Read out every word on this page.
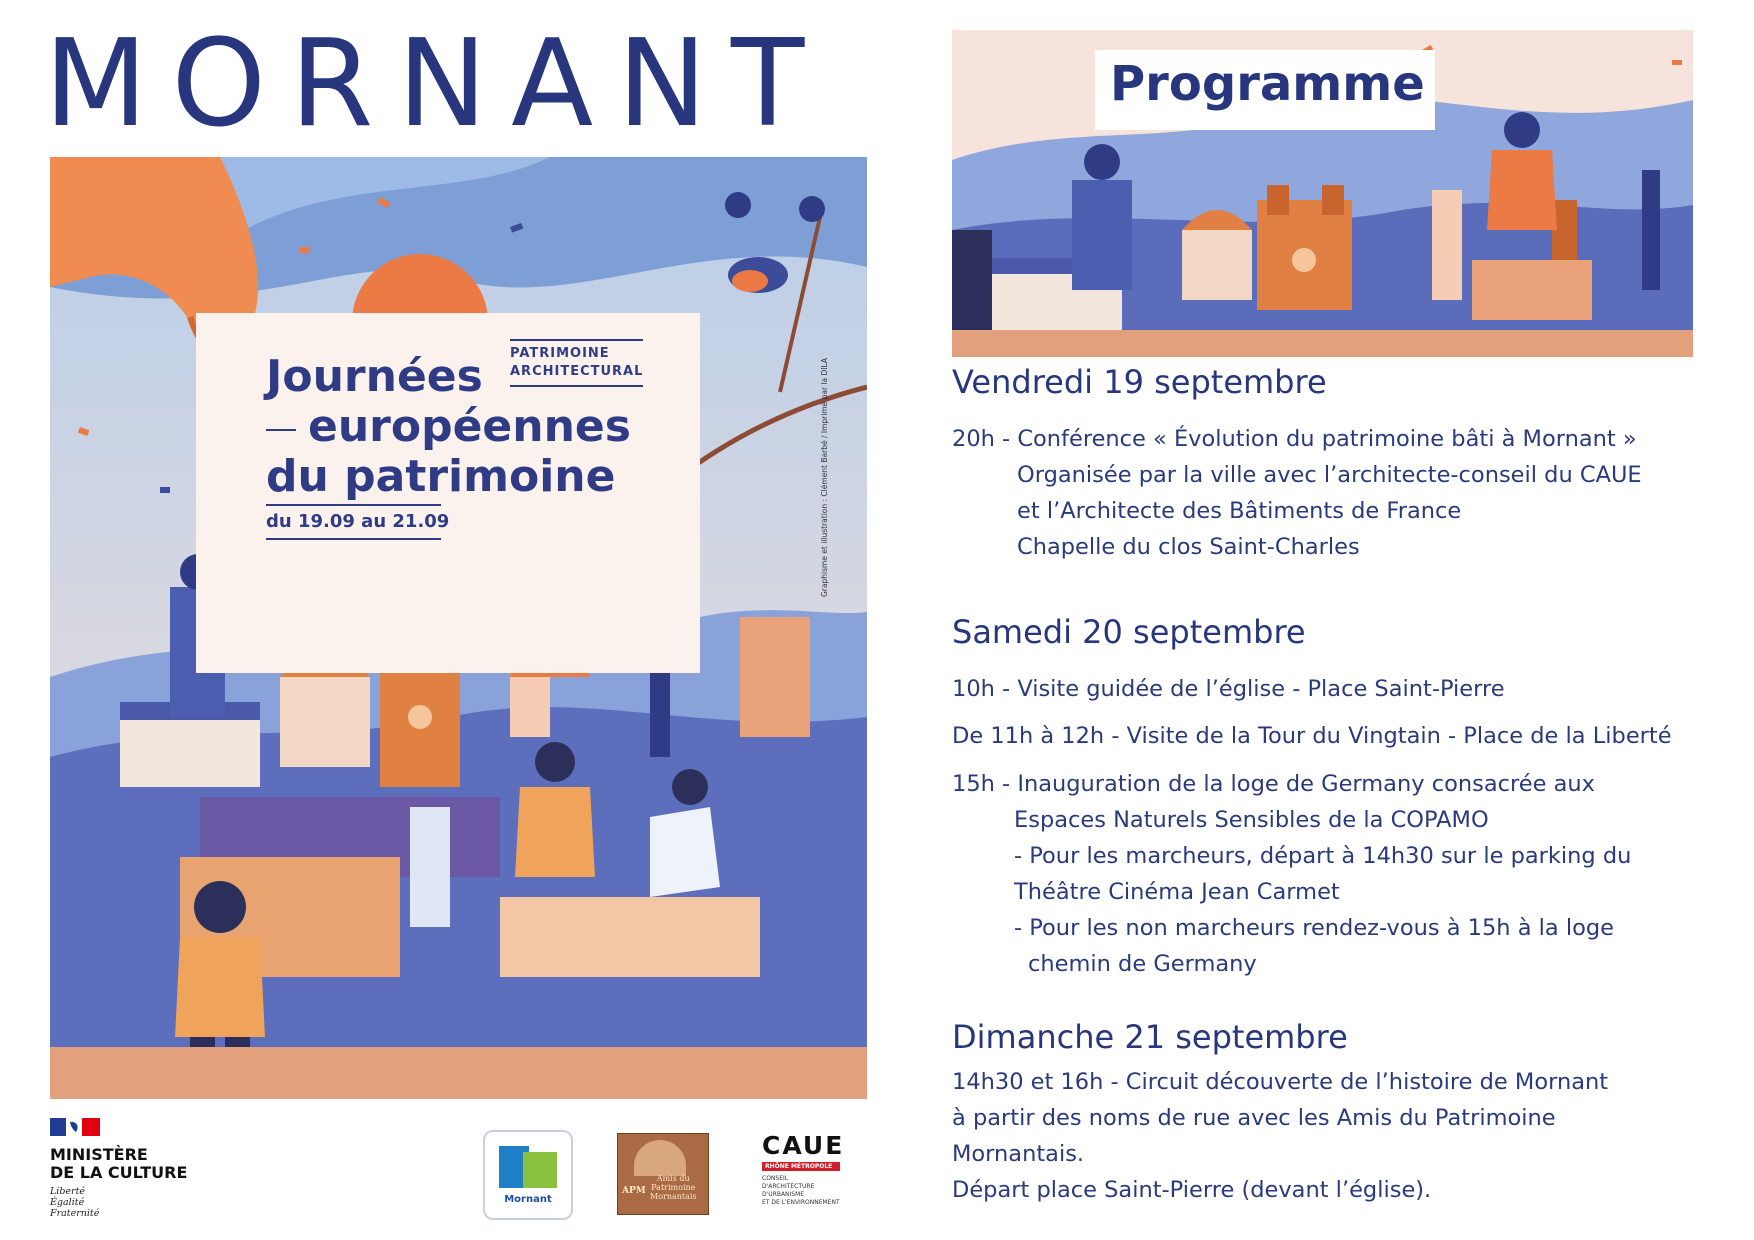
MORNANT
PATRIMOINE
ARCHITECTURAL
Journées
européennes
du patrimoine
du 19.09 au 21.09	Graphisme et illustration : Clément Barbé / Imprimé par la DILA
Programme
Vendredi 19 septembre
20h - Conférence « Évolution du patrimoine bâti à Mornant »
Organisée par la ville avec l’architecte-conseil du CAUE
et l’Architecte des Bâtiments de France
Chapelle du clos Saint-Charles
Samedi 20 septembre
10h - Visite guidée de l’église - Place Saint-Pierre
De 11h à 12h - Visite de la Tour du Vingtain - Place de la Liberté
15h - Inauguration de la loge de Germany consacrée aux
Espaces Naturels Sensibles de la COPAMO
- Pour les marcheurs, départ à 14h30 sur le parking du
Théâtre Cinéma Jean Carmet
- Pour les non marcheurs rendez-vous à 15h à la loge
chemin de Germany
Dimanche 21 septembre
14h30 et 16h - Circuit découverte de l’histoire de Mornant
à partir des noms de rue avec les Amis du Patrimoine
Mornantais.
Départ place Saint-Pierre (devant l’église).
MINISTÈRE
DE LA CULTURE
Liberté
Égalité
Fraternité
Mornant
APM
Amis du
Patrimoine
Mornantais
CAUE
RHÔNE MÉTROPOLE
CONSEIL
D'ARCHITECTURE
D'URBANISME
ET DE L'ENVIRONNEMENT
